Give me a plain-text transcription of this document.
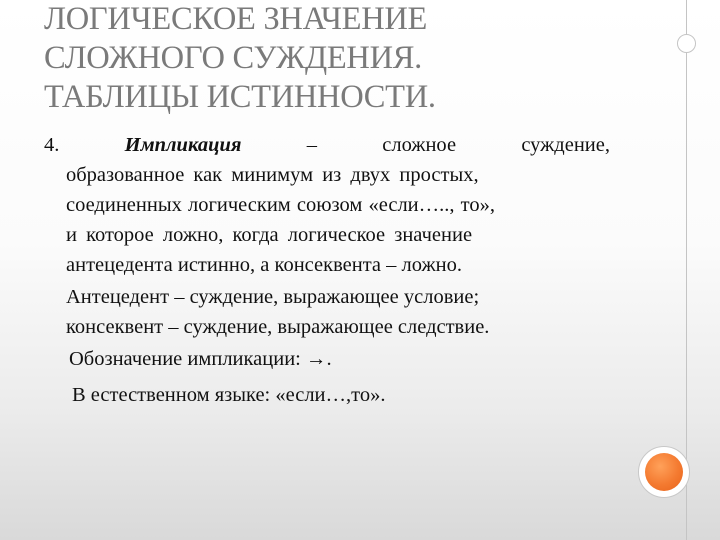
ЛОГИЧЕСКОЕ ЗНАЧЕНИЕ
СЛОЖНОГО СУЖДЕНИЯ.
ТАБЛИЦЫ ИСТИННОСТИ.
4.	Импликация	–	сложное	суждение,
образованное как минимум из двух простых,
соединенных логическим союзом «если….., то»,
и которое ложно, когда логическое значение
антецедента истинно, а консеквента – ложно.
Антецедент – суждение, выражающее условие;
консеквент – суждение, выражающее следствие.
Обозначение импликации: →.
В естественном языке: «если…,то».
